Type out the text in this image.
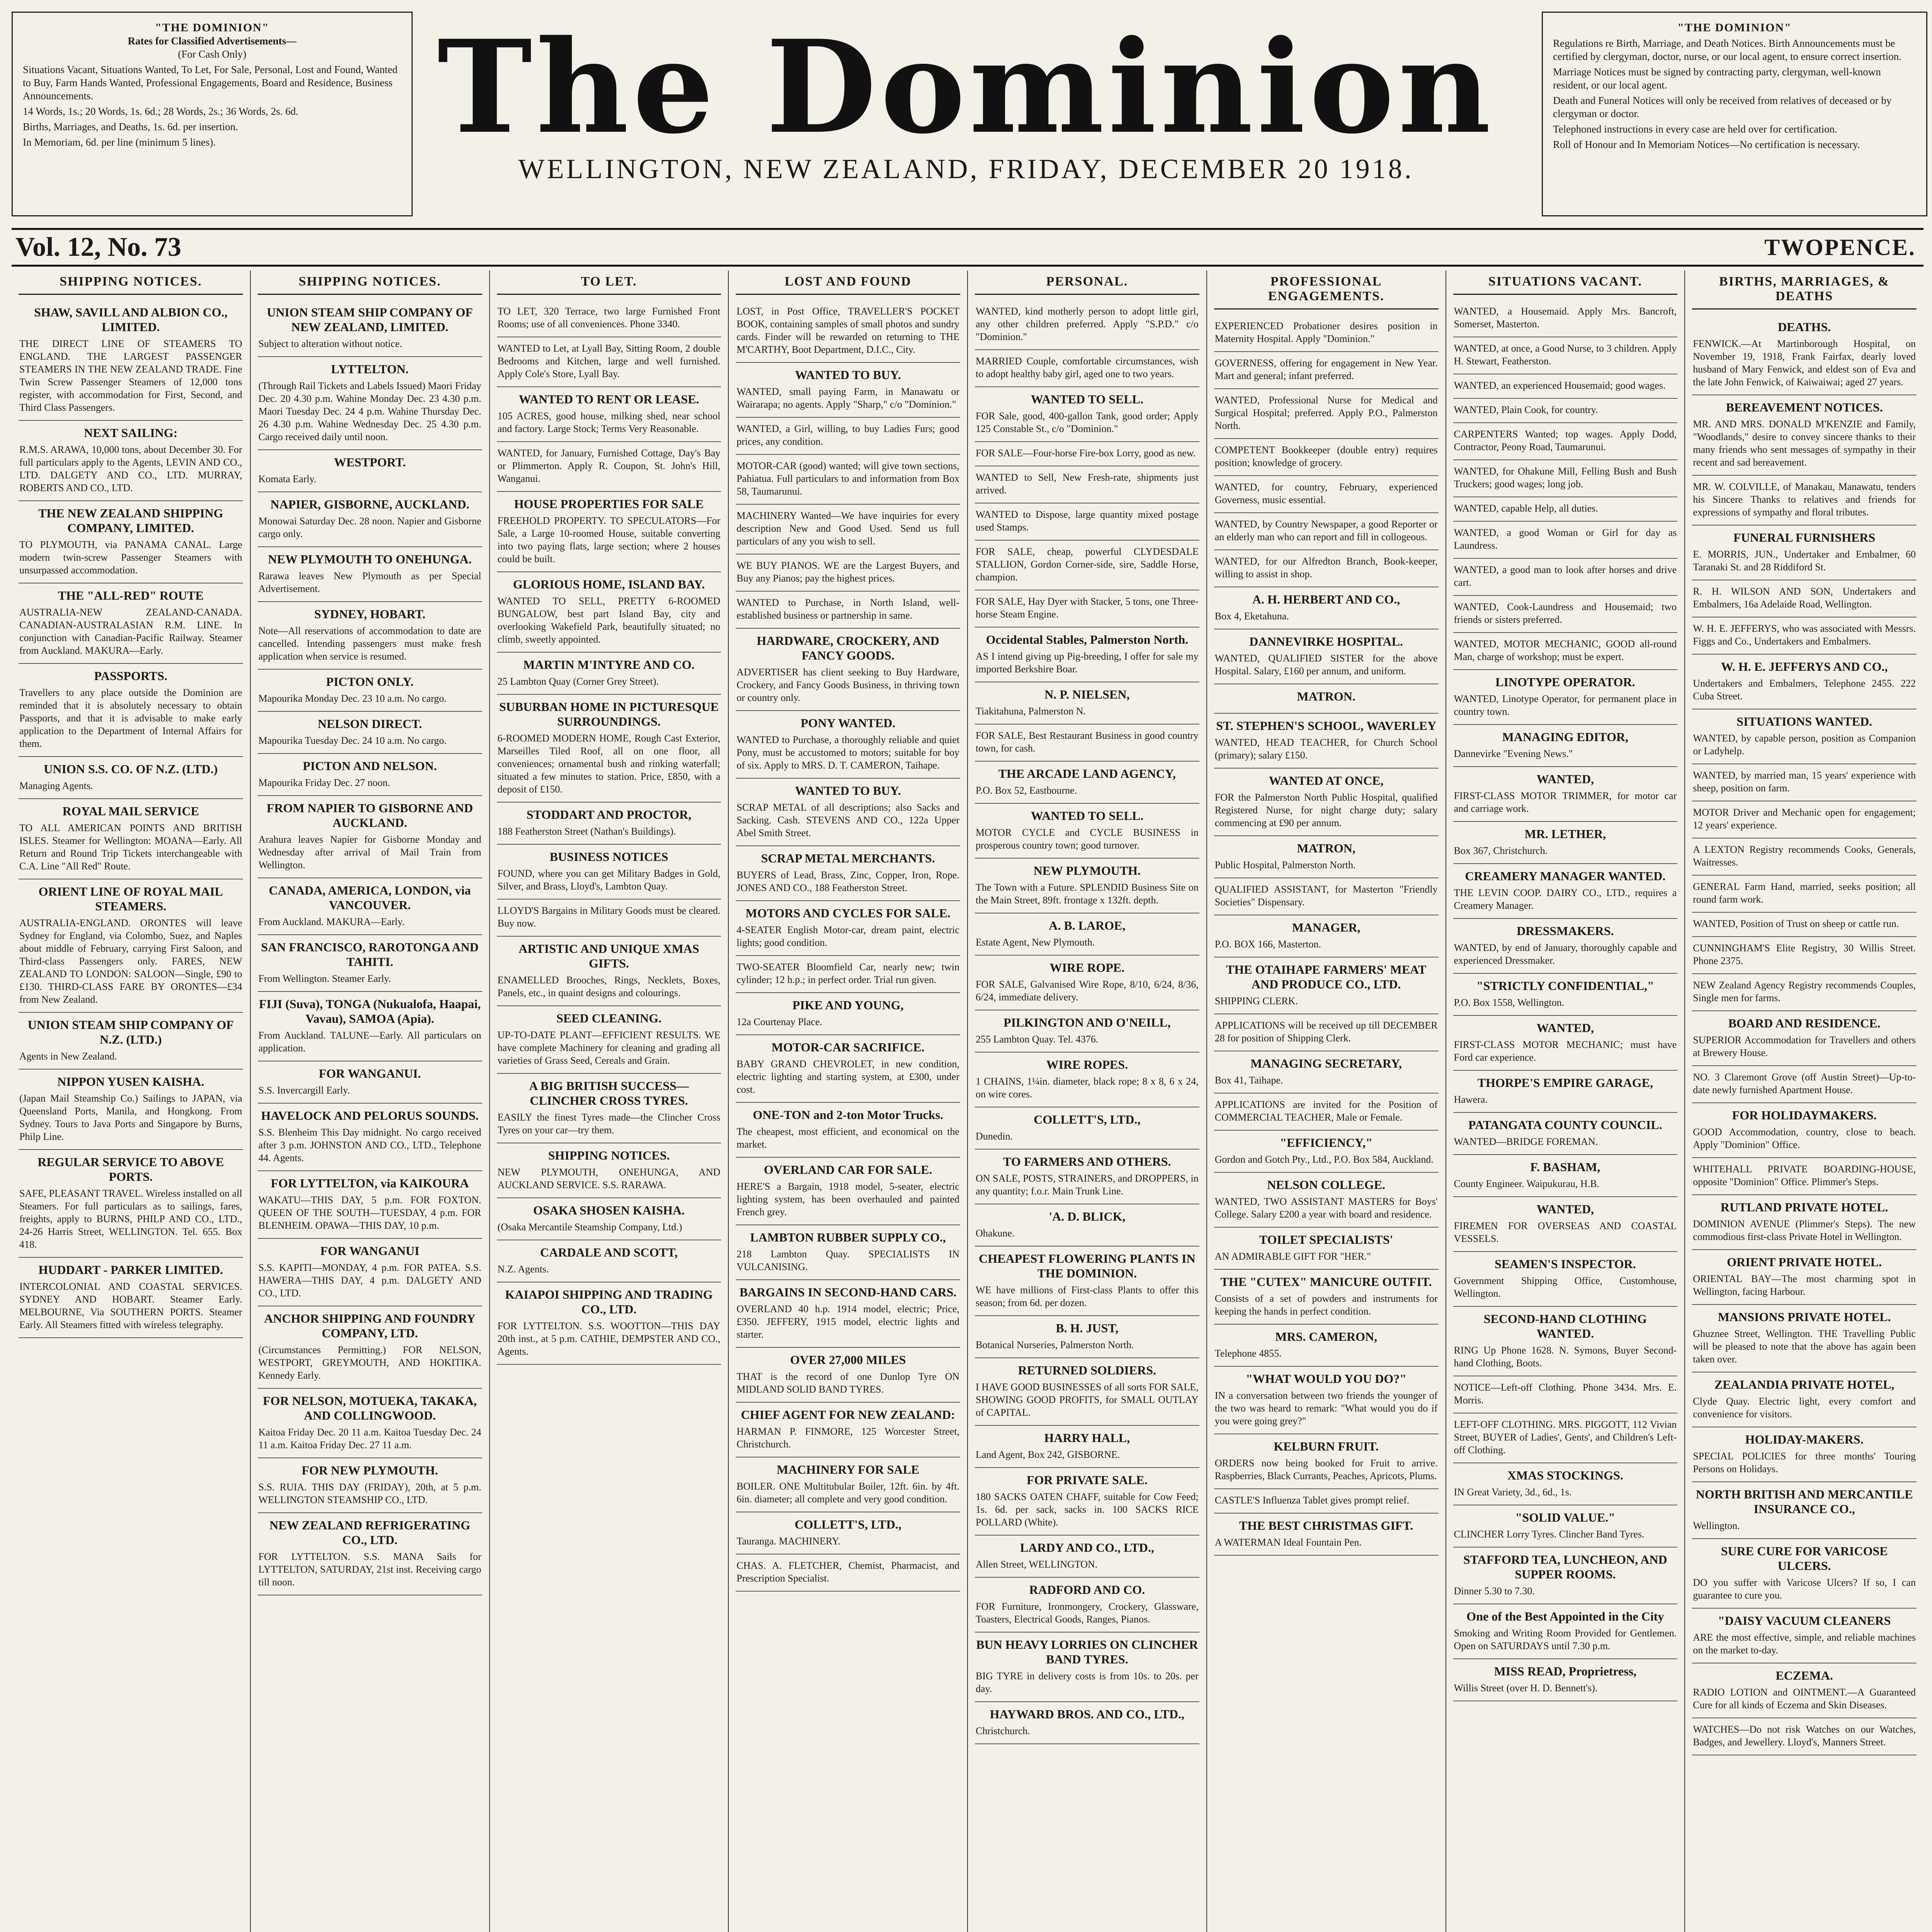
"THE DOMINION"
Rates for Classified Advertisements—
(For Cash Only)

Situations Vacant, Situations Wanted, To Let, For Sale, Personal, Lost and Found, Wanted to Buy, Farm Hands Wanted, Professional Engagements, Board and Residence, Business Announcements.

14 Words, 1s.; 20 Words, 1s. 6d.; 28 Words, 2s.; 36 Words, 2s. 6d.

Births, Marriages, and Deaths, 1s. 6d. per insertion.

In Memoriam, 6d. per line (minimum 5 lines).	The Dominion
WELLINGTON, NEW ZEALAND, FRIDAY, DECEMBER 20 1918.
"THE DOMINION"

Regulations re Birth, Marriage, and Death Notices. Birth Announcements must be certified by clergyman, doctor, nurse, or our local agent, to ensure correct insertion.

Marriage Notices must be signed by contracting party, clergyman, well-known resident, or our local agent.

Death and Funeral Notices will only be received from relatives of deceased or by clergyman or doctor.

Telephoned instructions in every case are held over for certification.

Roll of Honour and In Memoriam Notices—No certification is necessary.

Vol. 12, No. 73	TWOPENCE.
SHIPPING NOTICES.
SHAW, SAVILL AND ALBION CO., LIMITED.
THE DIRECT LINE OF STEAMERS TO ENGLAND. THE LARGEST PASSENGER STEAMERS IN THE NEW ZEALAND TRADE. Fine Twin Screw Passenger Steamers of 12,000 tons register, with accommodation for First, Second, and Third Class Passengers.
NEXT SAILING:
R.M.S. ARAWA, 10,000 tons, about December 30. For full particulars apply to the Agents, LEVIN AND CO., LTD. DALGETY AND CO., LTD. MURRAY, ROBERTS AND CO., LTD.
THE NEW ZEALAND SHIPPING COMPANY, LIMITED.
TO PLYMOUTH, via PANAMA CANAL. Large modern twin-screw Passenger Steamers with unsurpassed accommodation.
THE "ALL-RED" ROUTE
AUSTRALIA-NEW ZEALAND-CANADA. CANADIAN-AUSTRALASIAN R.M. LINE. In conjunction with Canadian-Pacific Railway. Steamer from Auckland. MAKURA—Early.
PASSPORTS.
Travellers to any place outside the Dominion are reminded that it is absolutely necessary to obtain Passports, and that it is advisable to make early application to the Department of Internal Affairs for them.
UNION S.S. CO. OF N.Z. (LTD.)
Managing Agents.
ROYAL MAIL SERVICE
TO ALL AMERICAN POINTS AND BRITISH ISLES. Steamer for Wellington: MOANA—Early. All Return and Round Trip Tickets interchangeable with C.A. Line "All Red" Route.
ORIENT LINE OF ROYAL MAIL STEAMERS.
AUSTRALIA-ENGLAND. ORONTES will leave Sydney for England, via Colombo, Suez, and Naples about middle of February, carrying First Saloon, and Third-class Passengers only. FARES, NEW ZEALAND TO LONDON: SALOON—Single, £90 to £130. THIRD-CLASS FARE BY ORONTES—£34 from New Zealand.
UNION STEAM SHIP COMPANY OF N.Z. (LTD.)
Agents in New Zealand.
NIPPON YUSEN KAISHA.
(Japan Mail Steamship Co.) Sailings to JAPAN, via Queensland Ports, Manila, and Hongkong. From Sydney. Tours to Java Ports and Singapore by Burns, Philp Line.
REGULAR SERVICE TO ABOVE PORTS.
SAFE, PLEASANT TRAVEL. Wireless installed on all Steamers. For full particulars as to sailings, fares, freights, apply to BURNS, PHILP AND CO., LTD., 24-26 Harris Street, WELLINGTON. Tel. 655. Box 418.
HUDDART - PARKER LIMITED.
INTERCOLONIAL AND COASTAL SERVICES. SYDNEY AND HOBART. Steamer Early. MELBOURNE, Via SOUTHERN PORTS. Steamer Early. All Steamers fitted with wireless telegraphy.
SHIPPING NOTICES.
UNION STEAM SHIP COMPANY OF NEW ZEALAND, LIMITED.
Subject to alteration without notice.
LYTTELTON.
(Through Rail Tickets and Labels Issued) Maori Friday Dec. 20 4.30 p.m. Wahine Monday Dec. 23 4.30 p.m. Maori Tuesday Dec. 24 4 p.m. Wahine Thursday Dec. 26 4.30 p.m. Wahine Wednesday Dec. 25 4.30 p.m. Cargo received daily until noon.
WESTPORT.
Komata Early.
NAPIER, GISBORNE, AUCKLAND.
Monowai Saturday Dec. 28 noon. Napier and Gisborne cargo only.
NEW PLYMOUTH TO ONEHUNGA.
Rarawa leaves New Plymouth as per Special Advertisement.
SYDNEY, HOBART.
Note—All reservations of accommodation to date are cancelled. Intending passengers must make fresh application when service is resumed.
PICTON ONLY.
Mapourika Monday Dec. 23 10 a.m. No cargo.
NELSON DIRECT.
Mapourika Tuesday Dec. 24 10 a.m. No cargo.
PICTON AND NELSON.
Mapourika Friday Dec. 27 noon.
FROM NAPIER TO GISBORNE AND AUCKLAND.
Arahura leaves Napier for Gisborne Monday and Wednesday after arrival of Mail Train from Wellington.
CANADA, AMERICA, LONDON, via VANCOUVER.
From Auckland. MAKURA—Early.
SAN FRANCISCO, RAROTONGA AND TAHITI.
From Wellington. Steamer Early.
FIJI (Suva), TONGA (Nukualofa, Haapai, Vavau), SAMOA (Apia).
From Auckland. TALUNE—Early. All particulars on application.
FOR WANGANUI.
S.S. Invercargill Early.
HAVELOCK AND PELORUS SOUNDS.
S.S. Blenheim This Day midnight. No cargo received after 3 p.m. JOHNSTON AND CO., LTD., Telephone 44. Agents.
FOR LYTTELTON, via KAIKOURA
WAKATU—THIS DAY, 5 p.m. FOR FOXTON. QUEEN OF THE SOUTH—TUESDAY, 4 p.m. FOR BLENHEIM. OPAWA—THIS DAY, 10 p.m.
FOR WANGANUI
S.S. KAPITI—MONDAY, 4 p.m. FOR PATEA. S.S. HAWERA—THIS DAY, 4 p.m. DALGETY AND CO., LTD.
ANCHOR SHIPPING AND FOUNDRY COMPANY, LTD.
(Circumstances Permitting.) FOR NELSON, WESTPORT, GREYMOUTH, AND HOKITIKA. Kennedy Early.
FOR NELSON, MOTUEKA, TAKAKA, AND COLLINGWOOD.
Kaitoa Friday Dec. 20 11 a.m. Kaitoa Tuesday Dec. 24 11 a.m. Kaitoa Friday Dec. 27 11 a.m.
FOR NEW PLYMOUTH.
S.S. RUIA. THIS DAY (FRIDAY), 20th, at 5 p.m. WELLINGTON STEAMSHIP CO., LTD.
NEW ZEALAND REFRIGERATING CO., LTD.
FOR LYTTELTON. S.S. MANA Sails for LYTTELTON, SATURDAY, 21st inst. Receiving cargo till noon.
TO LET.
TO LET, 320 Terrace, two large Furnished Front Rooms; use of all conveniences. Phone 3340.
WANTED to Let, at Lyall Bay, Sitting Room, 2 double Bedrooms and Kitchen, large and well furnished. Apply Cole's Store, Lyall Bay.
WANTED TO RENT OR LEASE.
105 ACRES, good house, milking shed, near school and factory. Large Stock; Terms Very Reasonable.
WANTED, for January, Furnished Cottage, Day's Bay or Plimmerton. Apply R. Coupon, St. John's Hill, Wanganui.
HOUSE PROPERTIES FOR SALE
FREEHOLD PROPERTY. TO SPECULATORS—For Sale, a Large 10-roomed House, suitable converting into two paying flats, large section; where 2 houses could be built.
GLORIOUS HOME, ISLAND BAY.
WANTED TO SELL, PRETTY 6-ROOMED BUNGALOW, best part Island Bay, city and overlooking Wakefield Park, beautifully situated; no climb, sweetly appointed.
MARTIN M'INTYRE AND CO.
25 Lambton Quay (Corner Grey Street).
SUBURBAN HOME IN PICTURESQUE SURROUNDINGS.
6-ROOMED MODERN HOME, Rough Cast Exterior, Marseilles Tiled Roof, all on one floor, all conveniences; ornamental bush and rinking waterfall; situated a few minutes to station. Price, £850, with a deposit of £150.
STODDART AND PROCTOR,
188 Featherston Street (Nathan's Buildings).
BUSINESS NOTICES
FOUND, where you can get Military Badges in Gold, Silver, and Brass, Lloyd's, Lambton Quay.
LLOYD'S Bargains in Military Goods must be cleared. Buy now.
ARTISTIC AND UNIQUE XMAS GIFTS.
ENAMELLED Brooches, Rings, Necklets, Boxes, Panels, etc., in quaint designs and colourings.
SEED CLEANING.
UP-TO-DATE PLANT—EFFICIENT RESULTS. WE have complete Machinery for cleaning and grading all varieties of Grass Seed, Cereals and Grain.
A BIG BRITISH SUCCESS—CLINCHER CROSS TYRES.
EASILY the finest Tyres made—the Clincher Cross Tyres on your car—try them.
SHIPPING NOTICES.
NEW PLYMOUTH, ONEHUNGA, AND AUCKLAND SERVICE. S.S. RARAWA.
OSAKA SHOSEN KAISHA.
(Osaka Mercantile Steamship Company, Ltd.)
CARDALE AND SCOTT,
N.Z. Agents.
KAIAPOI SHIPPING AND TRADING CO., LTD.
FOR LYTTELTON. S.S. WOOTTON—THIS DAY 20th inst., at 5 p.m. CATHIE, DEMPSTER AND CO., Agents.
LOST AND FOUND
LOST, in Post Office, TRAVELLER'S POCKET BOOK, containing samples of small photos and sundry cards. Finder will be rewarded on returning to THE M'CARTHY, Boot Department, D.I.C., City.
WANTED TO BUY.
WANTED, small paying Farm, in Manawatu or Wairarapa; no agents. Apply "Sharp," c/o "Dominion."
WANTED, a Girl, willing, to buy Ladies Furs; good prices, any condition.
MOTOR-CAR (good) wanted; will give town sections, Pahiatua. Full particulars to and information from Box 58, Taumarunui.
MACHINERY Wanted—We have inquiries for every description New and Good Used. Send us full particulars of any you wish to sell.
WE BUY PIANOS. WE are the Largest Buyers, and Buy any Pianos; pay the highest prices.
WANTED to Purchase, in North Island, well-established business or partnership in same.
HARDWARE, CROCKERY, AND FANCY GOODS.
ADVERTISER has client seeking to Buy Hardware, Crockery, and Fancy Goods Business, in thriving town or country only.
PONY WANTED.
WANTED to Purchase, a thoroughly reliable and quiet Pony, must be accustomed to motors; suitable for boy of six. Apply to MRS. D. T. CAMERON, Taihape.
WANTED TO BUY.
SCRAP METAL of all descriptions; also Sacks and Sacking. Cash. STEVENS AND CO., 122a Upper Abel Smith Street.
SCRAP METAL MERCHANTS.
BUYERS of Lead, Brass, Zinc, Copper, Iron, Rope. JONES AND CO., 188 Featherston Street.
MOTORS AND CYCLES FOR SALE.
4-SEATER English Motor-car, dream paint, electric lights; good condition.
TWO-SEATER Bloomfield Car, nearly new; twin cylinder; 12 h.p.; in perfect order. Trial run given.
PIKE AND YOUNG,
12a Courtenay Place.
MOTOR-CAR SACRIFICE.
BABY GRAND CHEVROLET, in new condition, electric lighting and starting system, at £300, under cost.
ONE-TON and 2-ton Motor Trucks.
The cheapest, most efficient, and economical on the market.
OVERLAND CAR FOR SALE.
HERE'S a Bargain, 1918 model, 5-seater, electric lighting system, has been overhauled and painted French grey.
LAMBTON RUBBER SUPPLY CO.,
218 Lambton Quay. SPECIALISTS IN VULCANISING.
BARGAINS IN SECOND-HAND CARS.
OVERLAND 40 h.p. 1914 model, electric; Price, £350. JEFFERY, 1915 model, electric lights and starter.
OVER 27,000 MILES
THAT is the record of one Dunlop Tyre ON MIDLAND SOLID BAND TYRES.
CHIEF AGENT FOR NEW ZEALAND:
HARMAN P. FINMORE, 125 Worcester Street, Christchurch.
MACHINERY FOR SALE
BOILER. ONE Multitubular Boiler, 12ft. 6in. by 4ft. 6in. diameter; all complete and very good condition.
COLLETT'S, LTD.,
Tauranga. MACHINERY.
CHAS. A. FLETCHER, Chemist, Pharmacist, and Prescription Specialist.
PERSONAL.
WANTED, kind motherly person to adopt little girl, any other children preferred. Apply "S.P.D." c/o "Dominion."
MARRIED Couple, comfortable circumstances, wish to adopt healthy baby girl, aged one to two years.
WANTED TO SELL.
FOR Sale, good, 400-gallon Tank, good order; Apply 125 Constable St., c/o "Dominion."
FOR SALE—Four-horse Fire-box Lorry, good as new.
WANTED to Sell, New Fresh-rate, shipments just arrived.
WANTED to Dispose, large quantity mixed postage used Stamps.
FOR SALE, cheap, powerful CLYDESDALE STALLION, Gordon Corner-side, sire, Saddle Horse, champion.
FOR SALE, Hay Dyer with Stacker, 5 tons, one Three-horse Steam Engine.
Occidental Stables, Palmerston North.
AS I intend giving up Pig-breeding, I offer for sale my imported Berkshire Boar.
N. P. NIELSEN,
Tiakitahuna, Palmerston N.
FOR SALE, Best Restaurant Business in good country town, for cash.
THE ARCADE LAND AGENCY,
P.O. Box 52, Eastbourne.
WANTED TO SELL.
MOTOR CYCLE and CYCLE BUSINESS in prosperous country town; good turnover.
NEW PLYMOUTH.
The Town with a Future. SPLENDID Business Site on the Main Street, 89ft. frontage x 132ft. depth.
A. B. LAROE,
Estate Agent, New Plymouth.
WIRE ROPE.
FOR SALE, Galvanised Wire Rope, 8/10, 6/24, 8/36, 6/24, immediate delivery.
PILKINGTON AND O'NEILL,
255 Lambton Quay. Tel. 4376.
WIRE ROPES.
1 CHAINS, 1¼in. diameter, black rope; 8 x 8, 6 x 24, on wire cores.
COLLETT'S, LTD.,
Dunedin.
TO FARMERS AND OTHERS.
ON SALE, POSTS, STRAINERS, and DROPPERS, in any quantity; f.o.r. Main Trunk Line.
'A. D. BLICK,
Ohakune.
CHEAPEST FLOWERING PLANTS IN THE DOMINION.
WE have millions of First-class Plants to offer this season; from 6d. per dozen.
B. H. JUST,
Botanical Nurseries, Palmerston North.
RETURNED SOLDIERS.
I HAVE GOOD BUSINESSES of all sorts FOR SALE, SHOWING GOOD PROFITS, for SMALL OUTLAY of CAPITAL.
HARRY HALL,
Land Agent, Box 242, GISBORNE.
FOR PRIVATE SALE.
180 SACKS OATEN CHAFF, suitable for Cow Feed; 1s. 6d. per sack, sacks in. 100 SACKS RICE POLLARD (White).
LARDY AND CO., LTD.,
Allen Street, WELLINGTON.
RADFORD AND CO.
FOR Furniture, Ironmongery, Crockery, Glassware, Toasters, Electrical Goods, Ranges, Pianos.
BUN HEAVY LORRIES ON CLINCHER BAND TYRES.
BIG TYRE in delivery costs is from 10s. to 20s. per day.
HAYWARD BROS. AND CO., LTD.,
Christchurch.
PROFESSIONAL ENGAGEMENTS.
EXPERIENCED Probationer desires position in Maternity Hospital. Apply "Dominion."
GOVERNESS, offering for engagement in New Year. Mart and general; infant preferred.
WANTED, Professional Nurse for Medical and Surgical Hospital; preferred. Apply P.O., Palmerston North.
COMPETENT Bookkeeper (double entry) requires position; knowledge of grocery.
WANTED, for country, February, experienced Governess, music essential.
WANTED, by Country Newspaper, a good Reporter or an elderly man who can report and fill in collogeous.
WANTED, for our Alfredton Branch, Book-keeper, willing to assist in shop.
A. H. HERBERT AND CO.,
Box 4, Eketahuna.
DANNEVIRKE HOSPITAL.
WANTED, QUALIFIED SISTER for the above Hospital. Salary, £160 per annum, and uniform.
MATRON.
ST. STEPHEN'S SCHOOL, WAVERLEY
WANTED, HEAD TEACHER, for Church School (primary); salary £150.
WANTED AT ONCE,
FOR the Palmerston North Public Hospital, qualified Registered Nurse, for night charge duty; salary commencing at £90 per annum.
MATRON,
Public Hospital, Palmerston North.
QUALIFIED ASSISTANT, for Masterton "Friendly Societies" Dispensary.
MANAGER,
P.O. BOX 166, Masterton.
THE OTAIHAPE FARMERS' MEAT AND PRODUCE CO., LTD.
SHIPPING CLERK.
APPLICATIONS will be received up till DECEMBER 28 for position of Shipping Clerk.
MANAGING SECRETARY,
Box 41, Taihape.
APPLICATIONS are invited for the Position of COMMERCIAL TEACHER, Male or Female.
"EFFICIENCY,"
Gordon and Gotch Pty., Ltd., P.O. Box 584, Auckland.
NELSON COLLEGE.
WANTED, TWO ASSISTANT MASTERS for Boys' College. Salary £200 a year with board and residence.
TOILET SPECIALISTS'
AN ADMIRABLE GIFT FOR "HER."
THE "CUTEX" MANICURE OUTFIT.
Consists of a set of powders and instruments for keeping the hands in perfect condition.
MRS. CAMERON,
Telephone 4855.
"WHAT WOULD YOU DO?"
IN a conversation between two friends the younger of the two was heard to remark: "What would you do if you were going grey?"
KELBURN FRUIT.
ORDERS now being booked for Fruit to arrive. Raspberries, Black Currants, Peaches, Apricots, Plums.
CASTLE'S Influenza Tablet gives prompt relief.
THE BEST CHRISTMAS GIFT.
A WATERMAN Ideal Fountain Pen.
SITUATIONS VACANT.
WANTED, a Housemaid. Apply Mrs. Bancroft, Somerset, Masterton.
WANTED, at once, a Good Nurse, to 3 children. Apply H. Stewart, Featherston.
WANTED, an experienced Housemaid; good wages.
WANTED, Plain Cook, for country.
CARPENTERS Wanted; top wages. Apply Dodd, Contractor, Peony Road, Taumarunui.
WANTED, for Ohakune Mill, Felling Bush and Bush Truckers; good wages; long job.
WANTED, capable Help, all duties.
WANTED, a good Woman or Girl for day as Laundress.
WANTED, a good man to look after horses and drive cart.
WANTED, Cook-Laundress and Housemaid; two friends or sisters preferred.
WANTED, MOTOR MECHANIC, GOOD all-round Man, charge of workshop; must be expert.
LINOTYPE OPERATOR.
WANTED, Linotype Operator, for permanent place in country town.
MANAGING EDITOR,
Dannevirke "Evening News."
WANTED,
FIRST-CLASS MOTOR TRIMMER, for motor car and carriage work.
MR. LETHER,
Box 367, Christchurch.
CREAMERY MANAGER WANTED.
THE LEVIN COOP. DAIRY CO., LTD., requires a Creamery Manager.
DRESSMAKERS.
WANTED, by end of January, thoroughly capable and experienced Dressmaker.
"STRICTLY CONFIDENTIAL,"
P.O. Box 1558, Wellington.
WANTED,
FIRST-CLASS MOTOR MECHANIC; must have Ford car experience.
THORPE'S EMPIRE GARAGE,
Hawera.
PATANGATA COUNTY COUNCIL.
WANTED—BRIDGE FOREMAN.
F. BASHAM,
County Engineer. Waipukurau, H.B.
WANTED,
FIREMEN FOR OVERSEAS AND COASTAL VESSELS.
SEAMEN'S INSPECTOR.
Government Shipping Office, Customhouse, Wellington.
SECOND-HAND CLOTHING WANTED.
RING Up Phone 1628. N. Symons, Buyer Second-hand Clothing, Boots.
NOTICE—Left-off Clothing. Phone 3434. Mrs. E. Morris.
LEFT-OFF CLOTHING. MRS. PIGGOTT, 112 Vivian Street, BUYER of Ladies', Gents', and Children's Left-off Clothing.
XMAS STOCKINGS.
IN Great Variety, 3d., 6d., 1s.
"SOLID VALUE."
CLINCHER Lorry Tyres. Clincher Band Tyres.
STAFFORD TEA, LUNCHEON, AND SUPPER ROOMS.
Dinner 5.30 to 7.30.
One of the Best Appointed in the City
Smoking and Writing Room Provided for Gentlemen. Open on SATURDAYS until 7.30 p.m.
MISS READ, Proprietress,
Willis Street (over H. D. Bennett's).
BIRTHS, MARRIAGES, & DEATHS
DEATHS.
FENWICK.—At Martinborough Hospital, on November 19, 1918, Frank Fairfax, dearly loved husband of Mary Fenwick, and eldest son of Eva and the late John Fenwick, of Kaiwaiwai; aged 27 years.
BEREAVEMENT NOTICES.
MR. AND MRS. DONALD M'KENZIE and Family, "Woodlands," desire to convey sincere thanks to their many friends who sent messages of sympathy in their recent and sad bereavement.
MR. W. COLVILLE, of Manakau, Manawatu, tenders his Sincere Thanks to relatives and friends for expressions of sympathy and floral tributes.
FUNERAL FURNISHERS
E. MORRIS, JUN., Undertaker and Embalmer, 60 Taranaki St. and 28 Riddiford St.
R. H. WILSON AND SON, Undertakers and Embalmers, 16a Adelaide Road, Wellington.
W. H. E. JEFFERYS, who was associated with Messrs. Figgs and Co., Undertakers and Embalmers.
W. H. E. JEFFERYS AND CO.,
Undertakers and Embalmers, Telephone 2455. 222 Cuba Street.
SITUATIONS WANTED.
WANTED, by capable person, position as Companion or Ladyhelp.
WANTED, by married man, 15 years' experience with sheep, position on farm.
MOTOR Driver and Mechanic open for engagement; 12 years' experience.
A LEXTON Registry recommends Cooks, Generals, Waitresses.
GENERAL Farm Hand, married, seeks position; all round farm work.
WANTED, Position of Trust on sheep or cattle run.
CUNNINGHAM'S Elite Registry, 30 Willis Street. Phone 2375.
NEW Zealand Agency Registry recommends Couples, Single men for farms.
BOARD AND RESIDENCE.
SUPERIOR Accommodation for Travellers and others at Brewery House.
NO. 3 Claremont Grove (off Austin Street)—Up-to-date newly furnished Apartment House.
FOR HOLIDAYMAKERS.
GOOD Accommodation, country, close to beach. Apply "Dominion" Office.
WHITEHALL PRIVATE BOARDING-HOUSE, opposite "Dominion" Office. Plimmer's Steps.
RUTLAND PRIVATE HOTEL.
DOMINION AVENUE (Plimmer's Steps). The new commodious first-class Private Hotel in Wellington.
ORIENT PRIVATE HOTEL.
ORIENTAL BAY—The most charming spot in Wellington, facing Harbour.
MANSIONS PRIVATE HOTEL.
Ghuznee Street, Wellington. THE Travelling Public will be pleased to note that the above has again been taken over.
ZEALANDIA PRIVATE HOTEL,
Clyde Quay. Electric light, every comfort and convenience for visitors.
HOLIDAY-MAKERS.
SPECIAL POLICIES for three months' Touring Persons on Holidays.
NORTH BRITISH AND MERCANTILE INSURANCE CO.,
Wellington.
SURE CURE FOR VARICOSE ULCERS.
DO you suffer with Varicose Ulcers? If so, I can guarantee to cure you.
"DAISY VACUUM CLEANERS
ARE the most effective, simple, and reliable machines on the market to-day.
ECZEMA.
RADIO LOTION and OINTMENT.—A Guaranteed Cure for all kinds of Eczema and Skin Diseases.
WATCHES—Do not risk Watches on our Watches, Badges, and Jewellery. Lloyd's, Manners Street.
